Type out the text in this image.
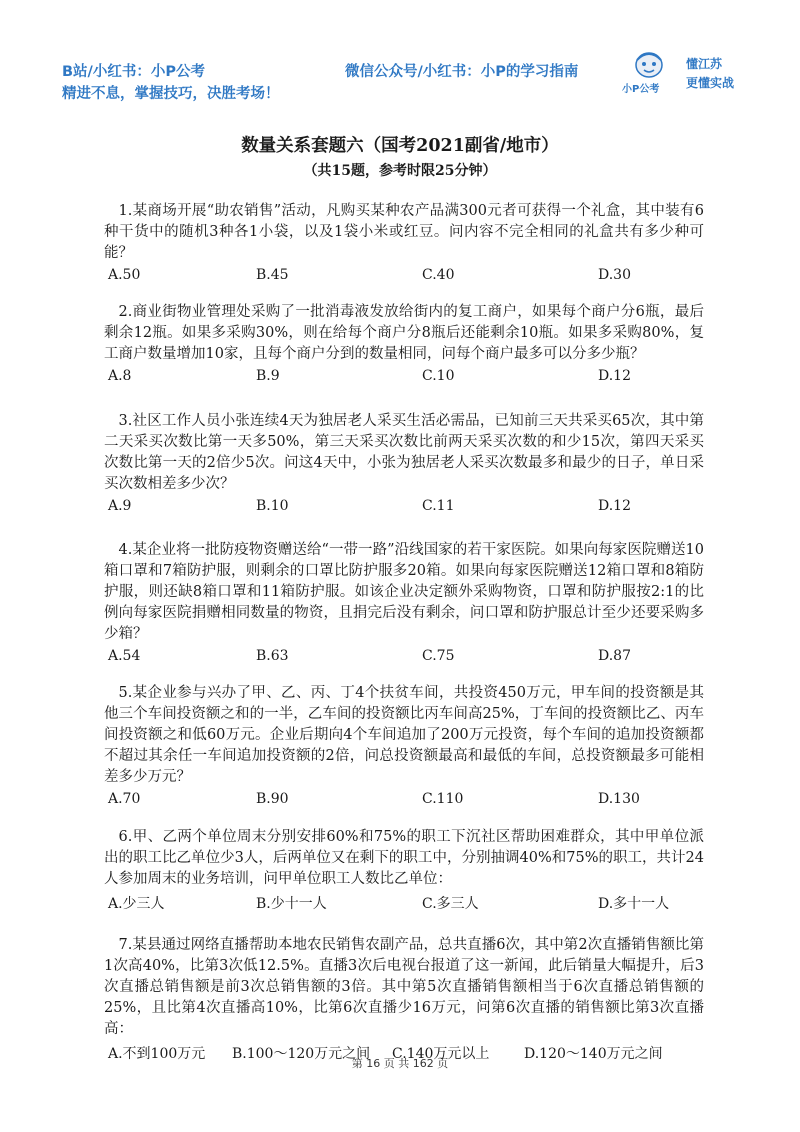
B站/小红书：小P公考
精进不息，掌握技巧，决胜考场！
微信公众号/小红书：小P的学习指南
小P公考
懂江苏
更懂实战
数量关系套题六（国考2021副省/地市）
（共15题，参考时限25分钟）
1.某商场开展“助农销售”活动，凡购买某种农产品满300元者可获得一个礼盒，其中装有6种干货中的随机3种各1小袋，以及1袋小米或红豆。问内容不完全相同的礼盒共有多少种可能？
A.50	B.45	C.40	D.30
2.商业街物业管理处采购了一批消毒液发放给街内的复工商户，如果每个商户分6瓶，最后剩余12瓶。如果多采购30%，则在给每个商户分8瓶后还能剩余10瓶。如果多采购80%，复工商户数量增加10家，且每个商户分到的数量相同，问每个商户最多可以分多少瓶？
A.8	B.9	C.10	D.12
3.社区工作人员小张连续4天为独居老人采买生活必需品，已知前三天共采买65次，其中第二天采买次数比第一天多50%，第三天采买次数比前两天采买次数的和少15次，第四天采买次数比第一天的2倍少5次。问这4天中，小张为独居老人采买次数最多和最少的日子，单日采买次数相差多少次？
A.9	B.10	C.11	D.12
4.某企业将一批防疫物资赠送给“一带一路”沿线国家的若干家医院。如果向每家医院赠送10箱口罩和7箱防护服，则剩余的口罩比防护服多20箱。如果向每家医院赠送12箱口罩和8箱防护服，则还缺8箱口罩和11箱防护服。如该企业决定额外采购物资，口罩和防护服按2:1的比例向每家医院捐赠相同数量的物资，且捐完后没有剩余，问口罩和防护服总计至少还要采购多少箱？
A.54	B.63	C.75	D.87
5.某企业参与兴办了甲、乙、丙、丁4个扶贫车间，共投资450万元，甲车间的投资额是其他三个车间投资额之和的一半，乙车间的投资额比丙车间高25%，丁车间的投资额比乙、丙车间投资额之和低60万元。企业后期向4个车间追加了200万元投资，每个车间的追加投资额都不超过其余任一车间追加投资额的2倍，问总投资额最高和最低的车间，总投资额最多可能相差多少万元？
A.70	B.90	C.110	D.130
6.甲、乙两个单位周末分别安排60%和75%的职工下沉社区帮助困难群众，其中甲单位派出的职工比乙单位少3人，后两单位又在剩下的职工中，分别抽调40%和75%的职工，共计24人参加周末的业务培训，问甲单位职工人数比乙单位：
A.少三人	B.少十一人	C.多三人	D.多十一人
7.某县通过网络直播帮助本地农民销售农副产品，总共直播6次，其中第2次直播销售额比第1次高40%，比第3次低12.5%。直播3次后电视台报道了这一新闻，此后销量大幅提升，后3次直播总销售额是前3次总销售额的3倍。其中第5次直播销售额相当于6次直播总销售额的25%，且比第4次直播高10%，比第6次直播少16万元，问第6次直播的销售额比第3次直播高：
A.不到100万元 B.100～120万元之间 C.140万元以上 D.120～140万元之间
第 16 页 共 162 页
